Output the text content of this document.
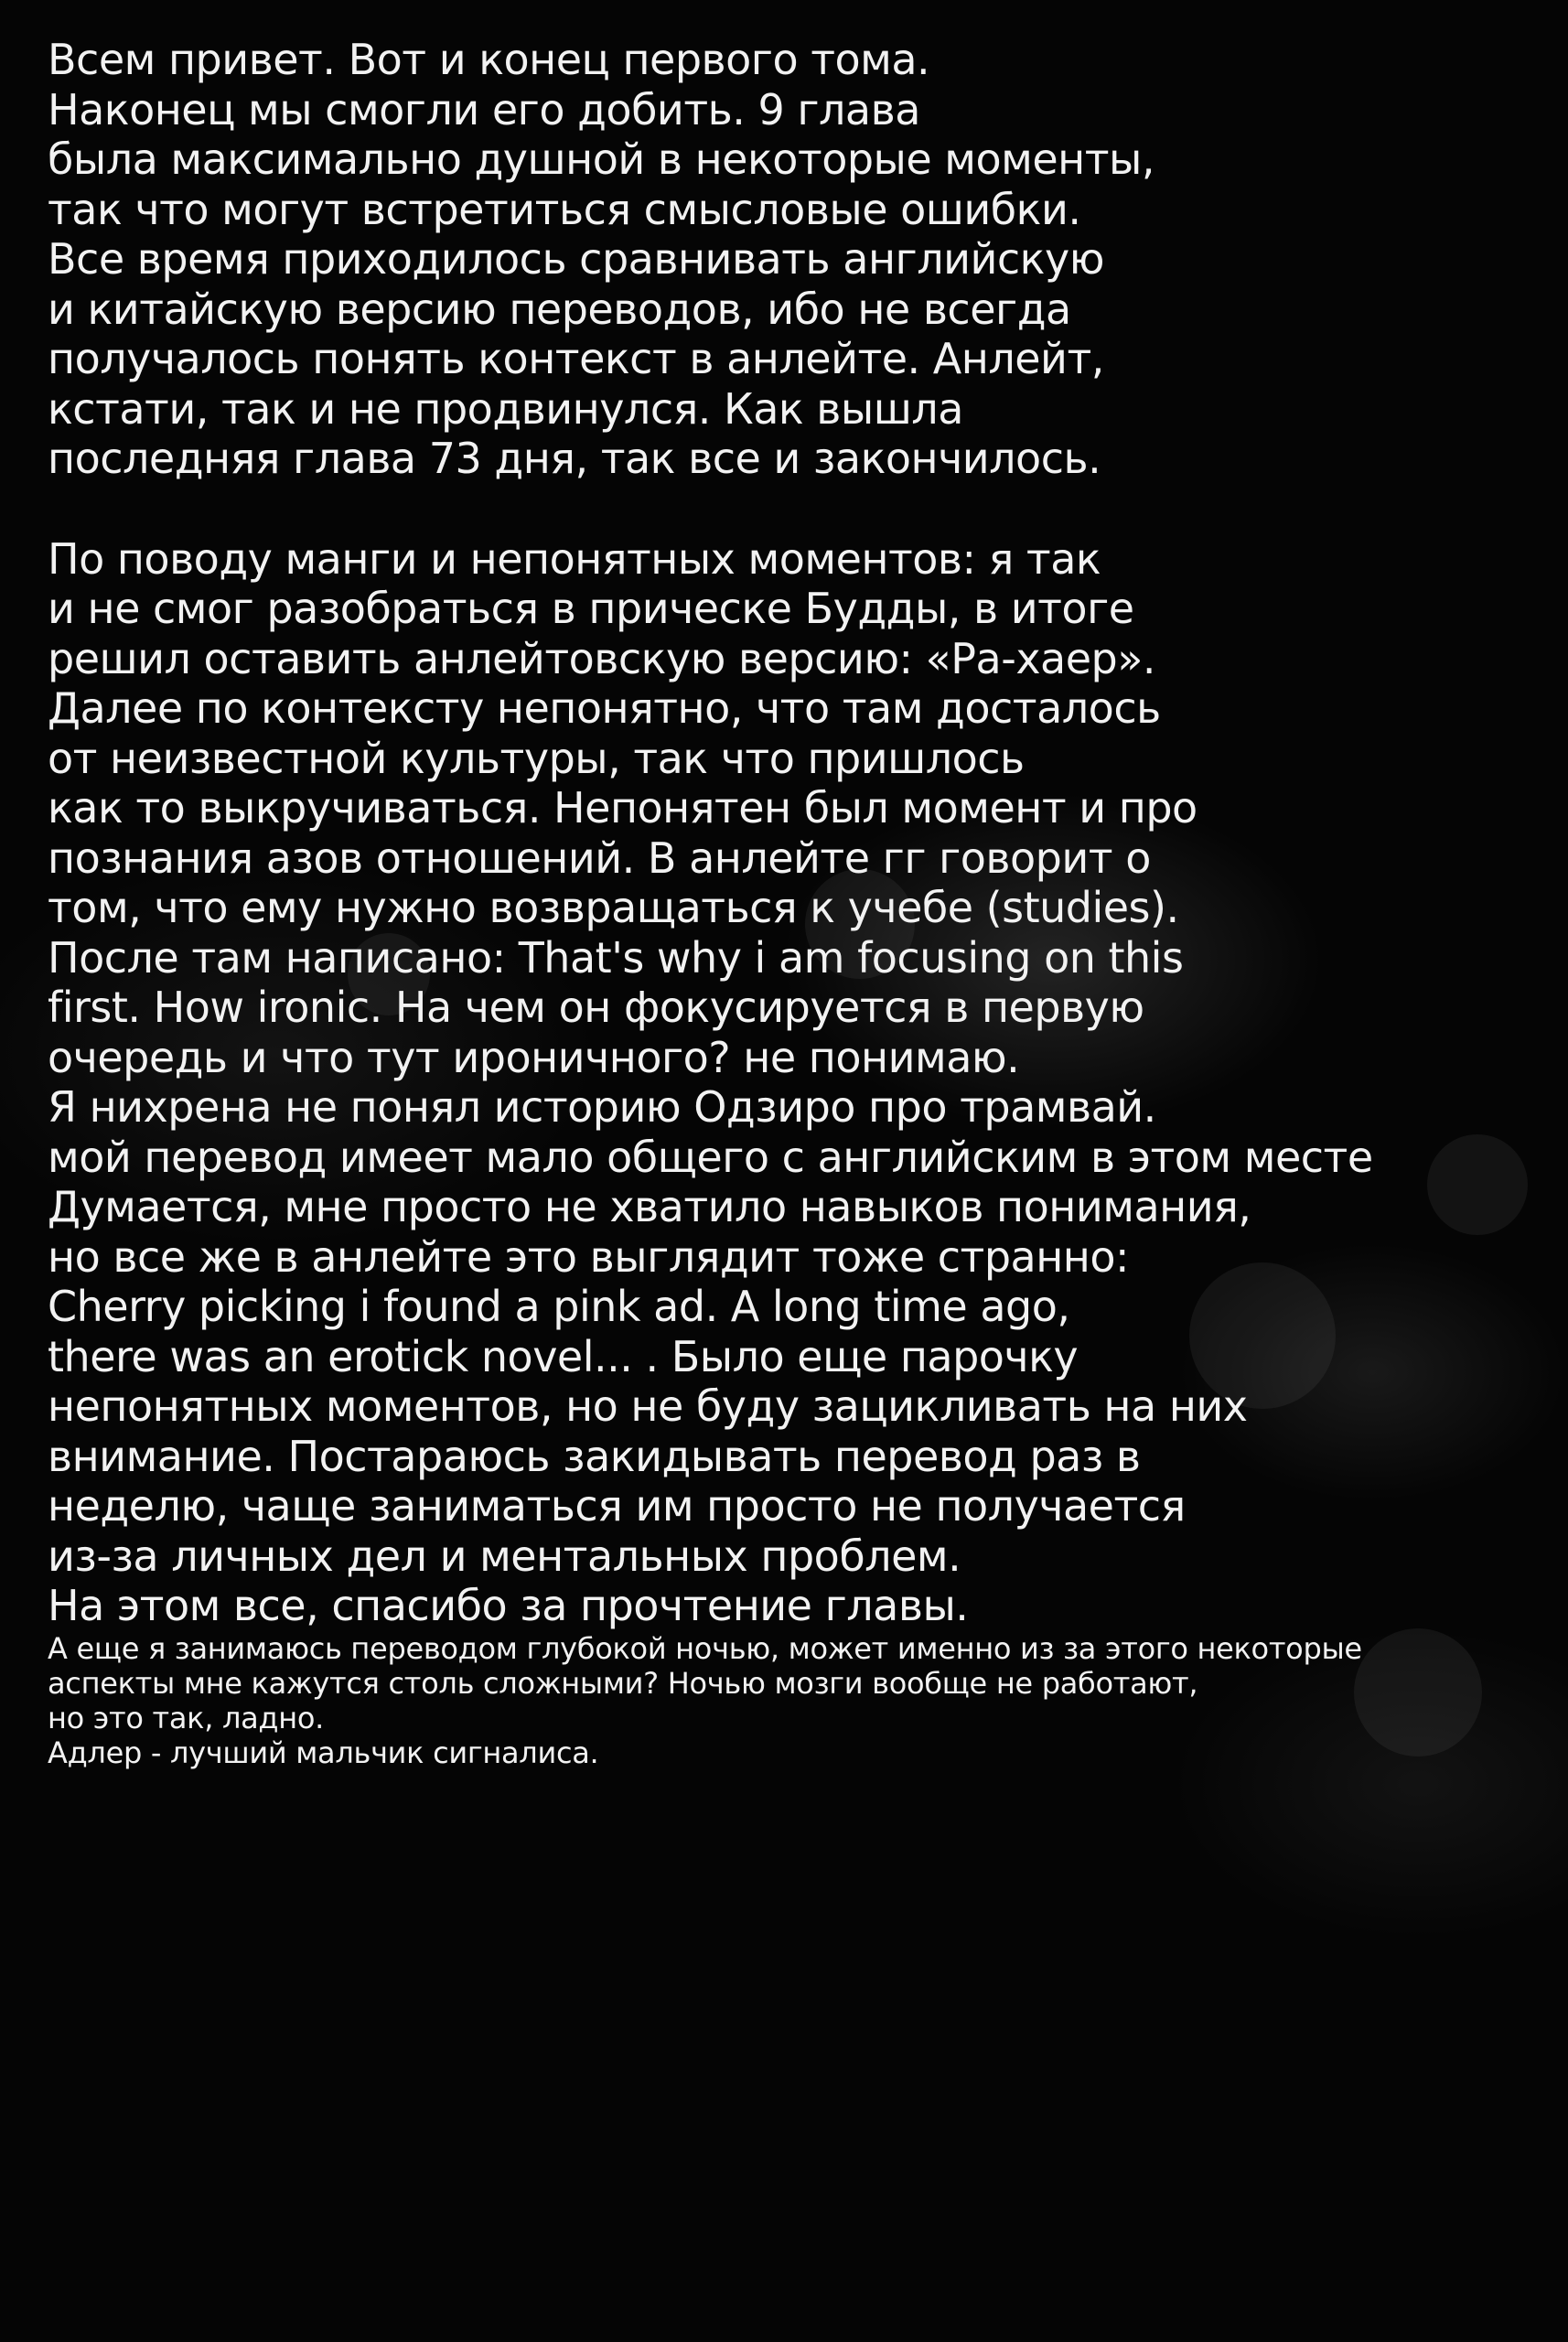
Всем привет. Вот и конец первого тома.
Наконец мы смогли его добить. 9 глава
была максимально душной в некоторые моменты,
так что могут встретиться смысловые ошибки.
Все время приходилось сравнивать английскую
и китайскую версию переводов, ибо не всегда
получалось понять контекст в анлейте. Анлейт,
кстати, так и не продвинулся. Как вышла
последняя глава 73 дня, так все и закончилось.
По поводу манги и непонятных моментов: я так
и не смог разобраться в прическе Будды, в итоге
решил оставить анлейтовскую версию: «Ра-хаер».
Далее по контексту непонятно, что там досталось
от неизвестной культуры, так что пришлось
как то выкручиваться. Непонятен был момент и про
познания азов отношений. В анлейте гг говорит о
том, что ему нужно возвращаться к учебе (studies).
После там написано: That's why i am focusing on this
first. How ironic. На чем он фокусируется в первую
очередь и что тут ироничного? не понимаю.
Я нихрена не понял историю Одзиро про трамвай.
мой перевод имеет мало общего с английским в этом месте
Думается, мне просто не хватило навыков понимания,
но все же в анлейте это выглядит тоже странно:
Cherry picking i found a pink ad. A long time ago,
there was an erotick novel... . Было еще парочку
непонятных моментов, но не буду зацикливать на них
внимание. Постараюсь закидывать перевод раз в
неделю, чаще заниматься им просто не получается
из-за личных дел и ментальных проблем.
На этом все, спасибо за прочтение главы.
А еще я занимаюсь переводом глубокой ночью, может именно из за этого некоторые
аспекты мне кажутся столь сложными? Ночью мозги вообще не работают,
но это так, ладно.
Адлер - лучший мальчик сигналиса.
